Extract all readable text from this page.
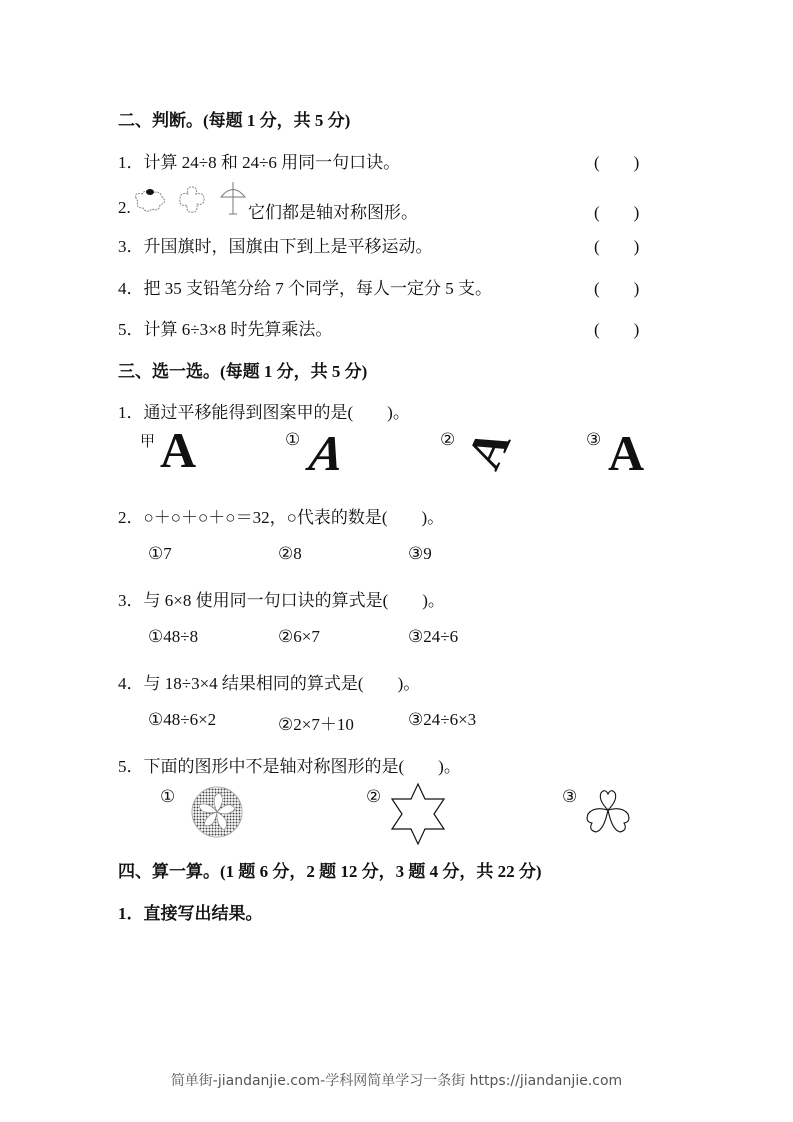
二、判断。(每题 1 分，共 5 分)
1．计算 24÷8 和 24÷6 用同一句口诀。	(　　)
2.	它们都是轴对称图形。	(　　)
3．升国旗时，国旗由下到上是平移运动。	(　　)
4．把 35 支铅笔分给 7 个同学，每人一定分 5 支。	(　　)
5．计算 6÷3×8 时先算乘法。	(　　)
三、选一选。(每题 1 分，共 5 分)
1．通过平移能得到图案甲的是(　　)。
甲 A	① A	② A	③ A
2．○＋○＋○＋○＝32，○代表的数是(　　)。
①7	②8	③9
3．与 6×8 使用同一句口诀的算式是(　　)。
①48÷8	②6×7	③24÷6
4．与 18÷3×4 结果相同的算式是(　　)。
①48÷6×2	②2×7＋10	③24÷6×3
5．下面的图形中不是轴对称图形的是(　　)。
①	②	③
四、算一算。(1 题 6 分，2 题 12 分，3 题 4 分，共 22 分)
1．直接写出结果。
简单街-jiandanjie.com-学科网简单学习一条街 https://jiandanjie.com
